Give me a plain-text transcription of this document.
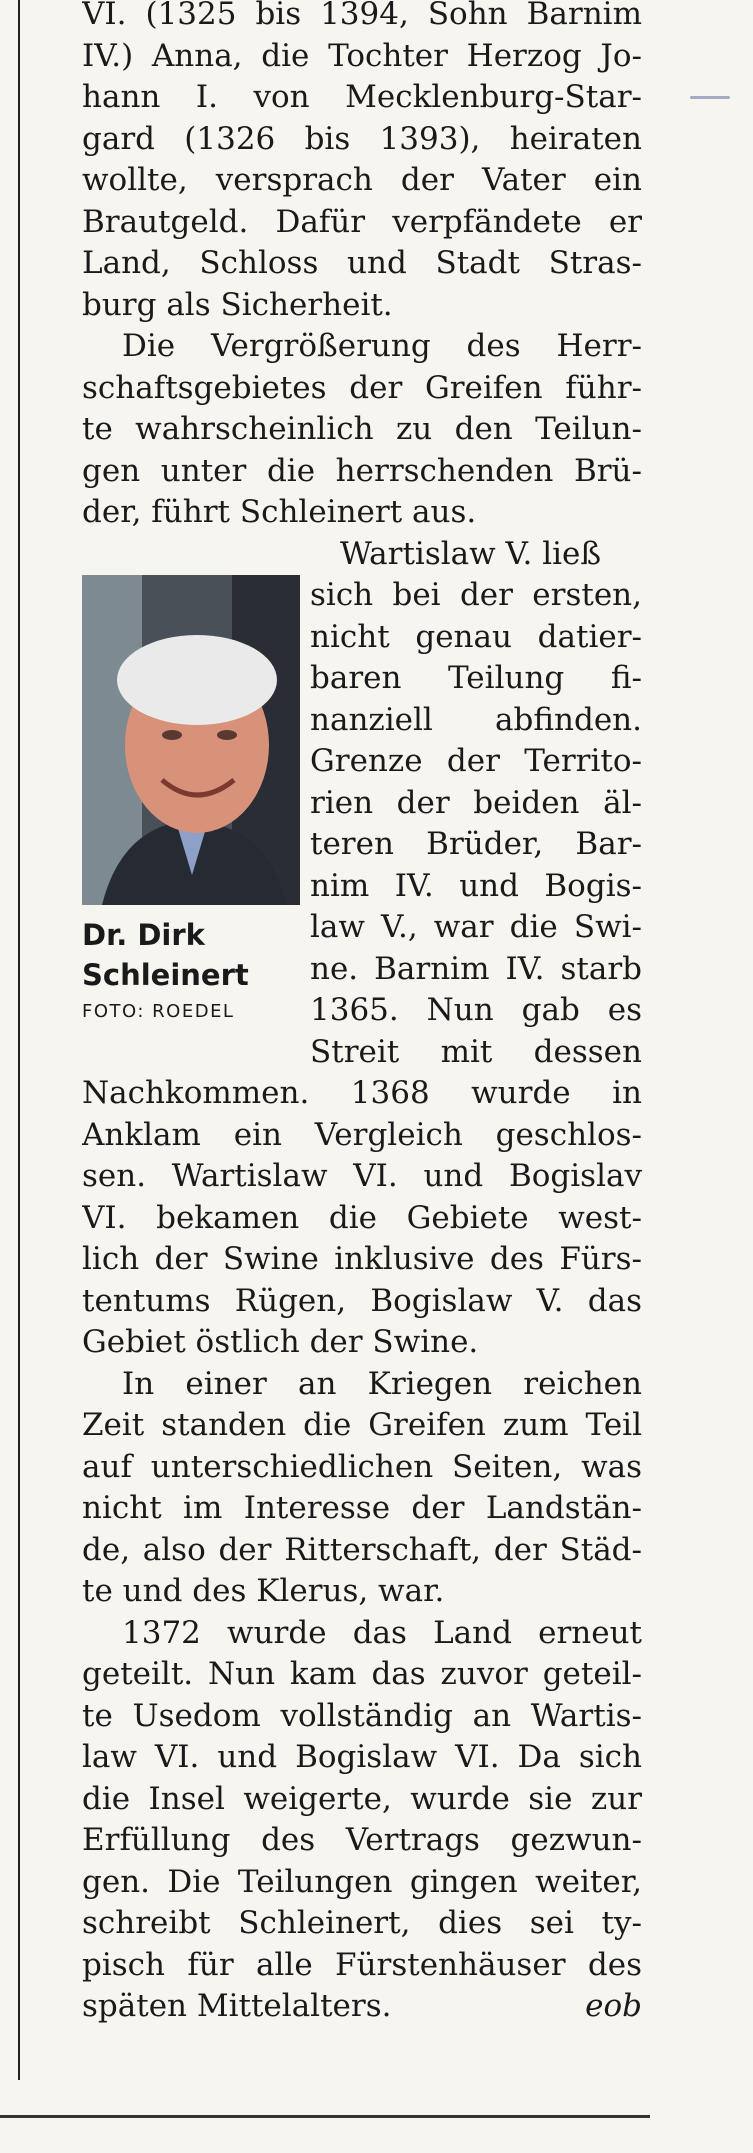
VI. (1325 bis 1394, Sohn Barnim
IV.) Anna, die Tochter Herzog Jo-
hann I. von Mecklenburg-Star-
gard (1326 bis 1393), heiraten
wollte, versprach der Vater ein
Brautgeld. Dafür verpfändete er
Land, Schloss und Stadt Stras-
burg als Sicherheit.
Die Vergrößerung des Herr-
schaftsgebietes der Greifen führ-
te wahrscheinlich zu den Teilun-
gen unter die herrschenden Brü-
der, führt Schleinert aus.
Dr. Dirk
Schleinert
FOTO: ROEDEL
Wartislaw V. ließ
sich bei der ersten,
nicht genau datier-
baren Teilung fi-
nanziell abfinden.
Grenze der Territo-
rien der beiden äl-
teren Brüder, Bar-
nim IV. und Bogis-
law V., war die Swi-
ne. Barnim IV. starb
1365. Nun gab es
Streit mit dessen
Nachkommen. 1368 wurde in
Anklam ein Vergleich geschlos-
sen. Wartislaw VI. und Bogislav
VI. bekamen die Gebiete west-
lich der Swine inklusive des Fürs-
tentums Rügen, Bogislaw V. das
Gebiet östlich der Swine.
In einer an Kriegen reichen
Zeit standen die Greifen zum Teil
auf unterschiedlichen Seiten, was
nicht im Interesse der Landstän-
de, also der Ritterschaft, der Städ-
te und des Klerus, war.
1372 wurde das Land erneut
geteilt. Nun kam das zuvor geteil-
te Usedom vollständig an Wartis-
law VI. und Bogislaw VI. Da sich
die Insel weigerte, wurde sie zur
Erfüllung des Vertrags gezwun-
gen. Die Teilungen gingen weiter,
schreibt Schleinert, dies sei ty-
pisch für alle Fürstenhäuser des
späten Mittelalters.	eob
